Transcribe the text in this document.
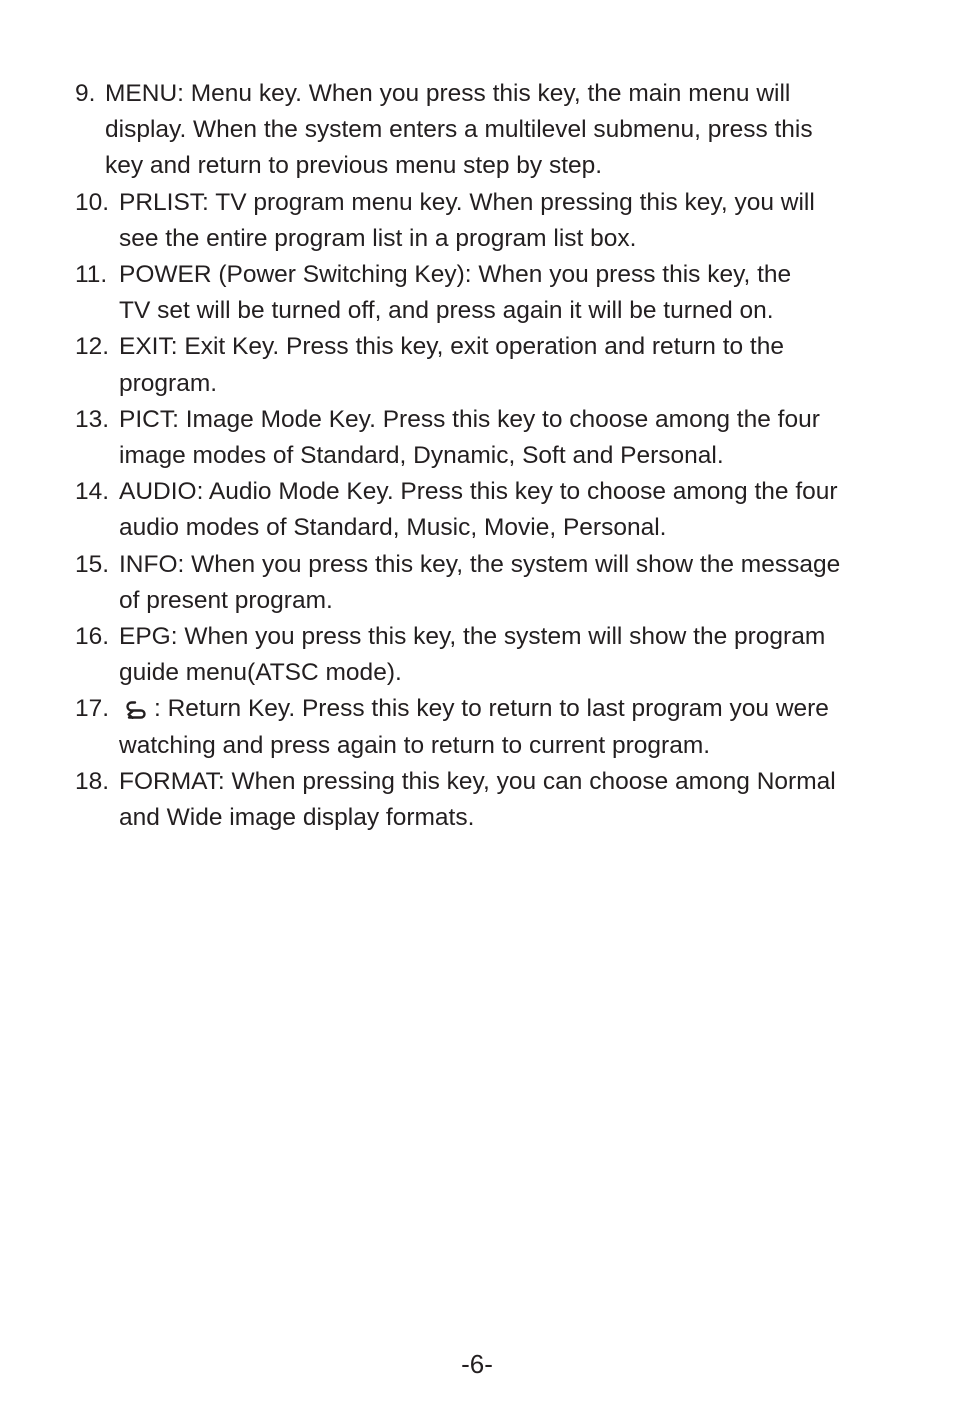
9. MENU: Menu key. When you press this key, the main menu will
display. When the system enters a multilevel submenu, press this
key and return to previous menu step by step.
10. PRLIST: TV program menu key. When pressing this key, you will
see the entire program list in a program list box.
11. POWER (Power Switching Key): When you press this key, the
TV set will be turned off, and press again it will be turned on.
12. EXIT: Exit Key. Press this key, exit operation and return to the
program.
13. PICT: Image Mode Key. Press this key to choose among the four
image modes of Standard, Dynamic, Soft and Personal.
14. AUDIO: Audio Mode Key. Press this key to choose among the four
audio modes of Standard, Music, Movie, Personal.
15. INFO: When you press this key, the system will show the message
of present program.
16. EPG: When you press this key, the system will show the program
guide menu(ATSC mode).
17.	: Return Key. Press this key to return to last program you were
watching and press again to return to current program.
18. FORMAT: When pressing this key, you can choose among Normal
and Wide image display formats.
-6-
